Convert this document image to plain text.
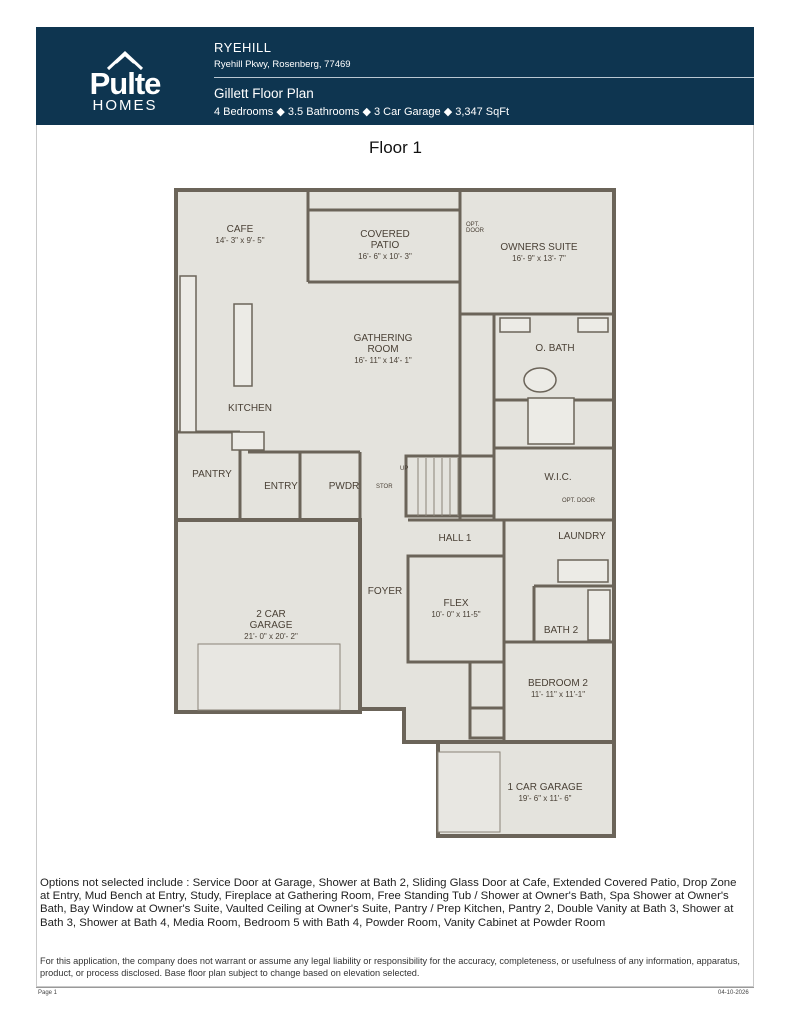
Pulte
HOMES
RYEHILL
Ryehill Pkwy, Rosenberg, 77469
Gillett Floor Plan
4 Bedrooms ◆ 3.5 Bathrooms ◆ 3 Car Garage ◆ 3,347 SqFt
Floor 1
CAFE
14'- 3" x 9'- 5"

COVERED
PATIO

16'- 6" x 10'- 3"

OPT.
DOOR
OWNERS SUITE
16'- 9" x 13'- 7"

GATHERING
ROOM

16'- 11" x 14'- 1"

O. BATH
KITCHEN
PANTRY
ENTRY	PWDR
UP
STOR
W.I.C.
OPT. DOOR
HALL 1	LAUNDRY

2 CAR
GARAGE

21'- 0" x 20'- 2"

FOYER
FLEX
10'- 0" x 11-5"
BATH 2
BEDROOM 2
11'- 11" x 11'-1"
1 CAR GARAGE
19'- 6" x 11'- 6"
Options not selected include : Service Door at Garage, Shower at Bath 2, Sliding Glass Door at Cafe, Extended Covered Patio, Drop Zone at Entry, Mud Bench at Entry, Study, Fireplace at Gathering Room, Free Standing Tub / Shower at Owner's Bath, Spa Shower at Owner's Bath, Bay Window at Owner's Suite, Vaulted Ceiling at Owner's Suite, Pantry / Prep Kitchen, Pantry 2, Double Vanity at Bath 3, Shower at Bath 3, Shower at Bath 4, Media Room, Bedroom 5 with Bath 4, Powder Room, Vanity Cabinet at Powder Room
For this application, the company does not warrant or assume any legal liability or responsibility for the accuracy, completeness, or usefulness of any information, apparatus, product, or process disclosed. Base floor plan subject to change based on elevation selected.
Page 1	04-10-2026
